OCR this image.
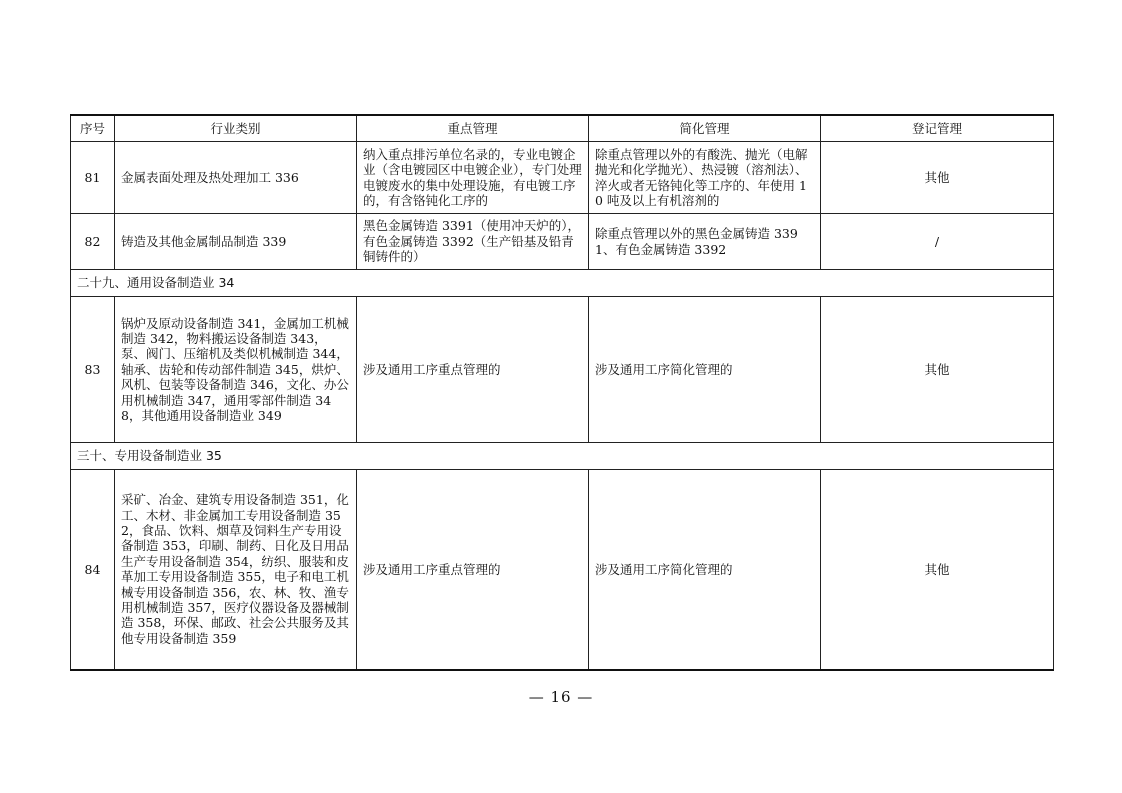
序号	行业类别	重点管理	简化管理	登记管理
81	金属表面处理及热处理加工 336	纳入重点排污单位名录的，专业电镀企业（含电镀园区中电镀企业），专门处理电镀废水的集中处理设施，有电镀工序的，有含铬钝化工序的	除重点管理以外的有酸洗、抛光（电解抛光和化学抛光）、热浸镀（溶剂法）、淬火或者无铬钝化等工序的、年使用 10 吨及以上有机溶剂的	其他
82	铸造及其他金属制品制造 339	黑色金属铸造 3391（使用冲天炉的），有色金属铸造 3392（生产铅基及铅青铜铸件的）	除重点管理以外的黑色金属铸造 3391、有色金属铸造 3392	/
二十九、通用设备制造业 34				
83	锅炉及原动设备制造 341，金属加工机械制造 342，物料搬运设备制造 343，泵、阀门、压缩机及类似机械制造 344，轴承、齿轮和传动部件制造 345，烘炉、风机、包装等设备制造 346，文化、办公用机械制造 347，通用零部件制造 348，其他通用设备制造业 349	涉及通用工序重点管理的	涉及通用工序简化管理的	其他
三十、专用设备制造业 35				
84	采矿、冶金、建筑专用设备制造 351，化工、木材、非金属加工专用设备制造 352，食品、饮料、烟草及饲料生产专用设备制造 353，印刷、制药、日化及日用品生产专用设备制造 354，纺织、服装和皮革加工专用设备制造 355，电子和电工机械专用设备制造 356，农、林、牧、渔专用机械制造 357，医疗仪器设备及器械制造 358，环保、邮政、社会公共服务及其他专用设备制造 359	涉及通用工序重点管理的	涉及通用工序简化管理的	其他
— 16 —
